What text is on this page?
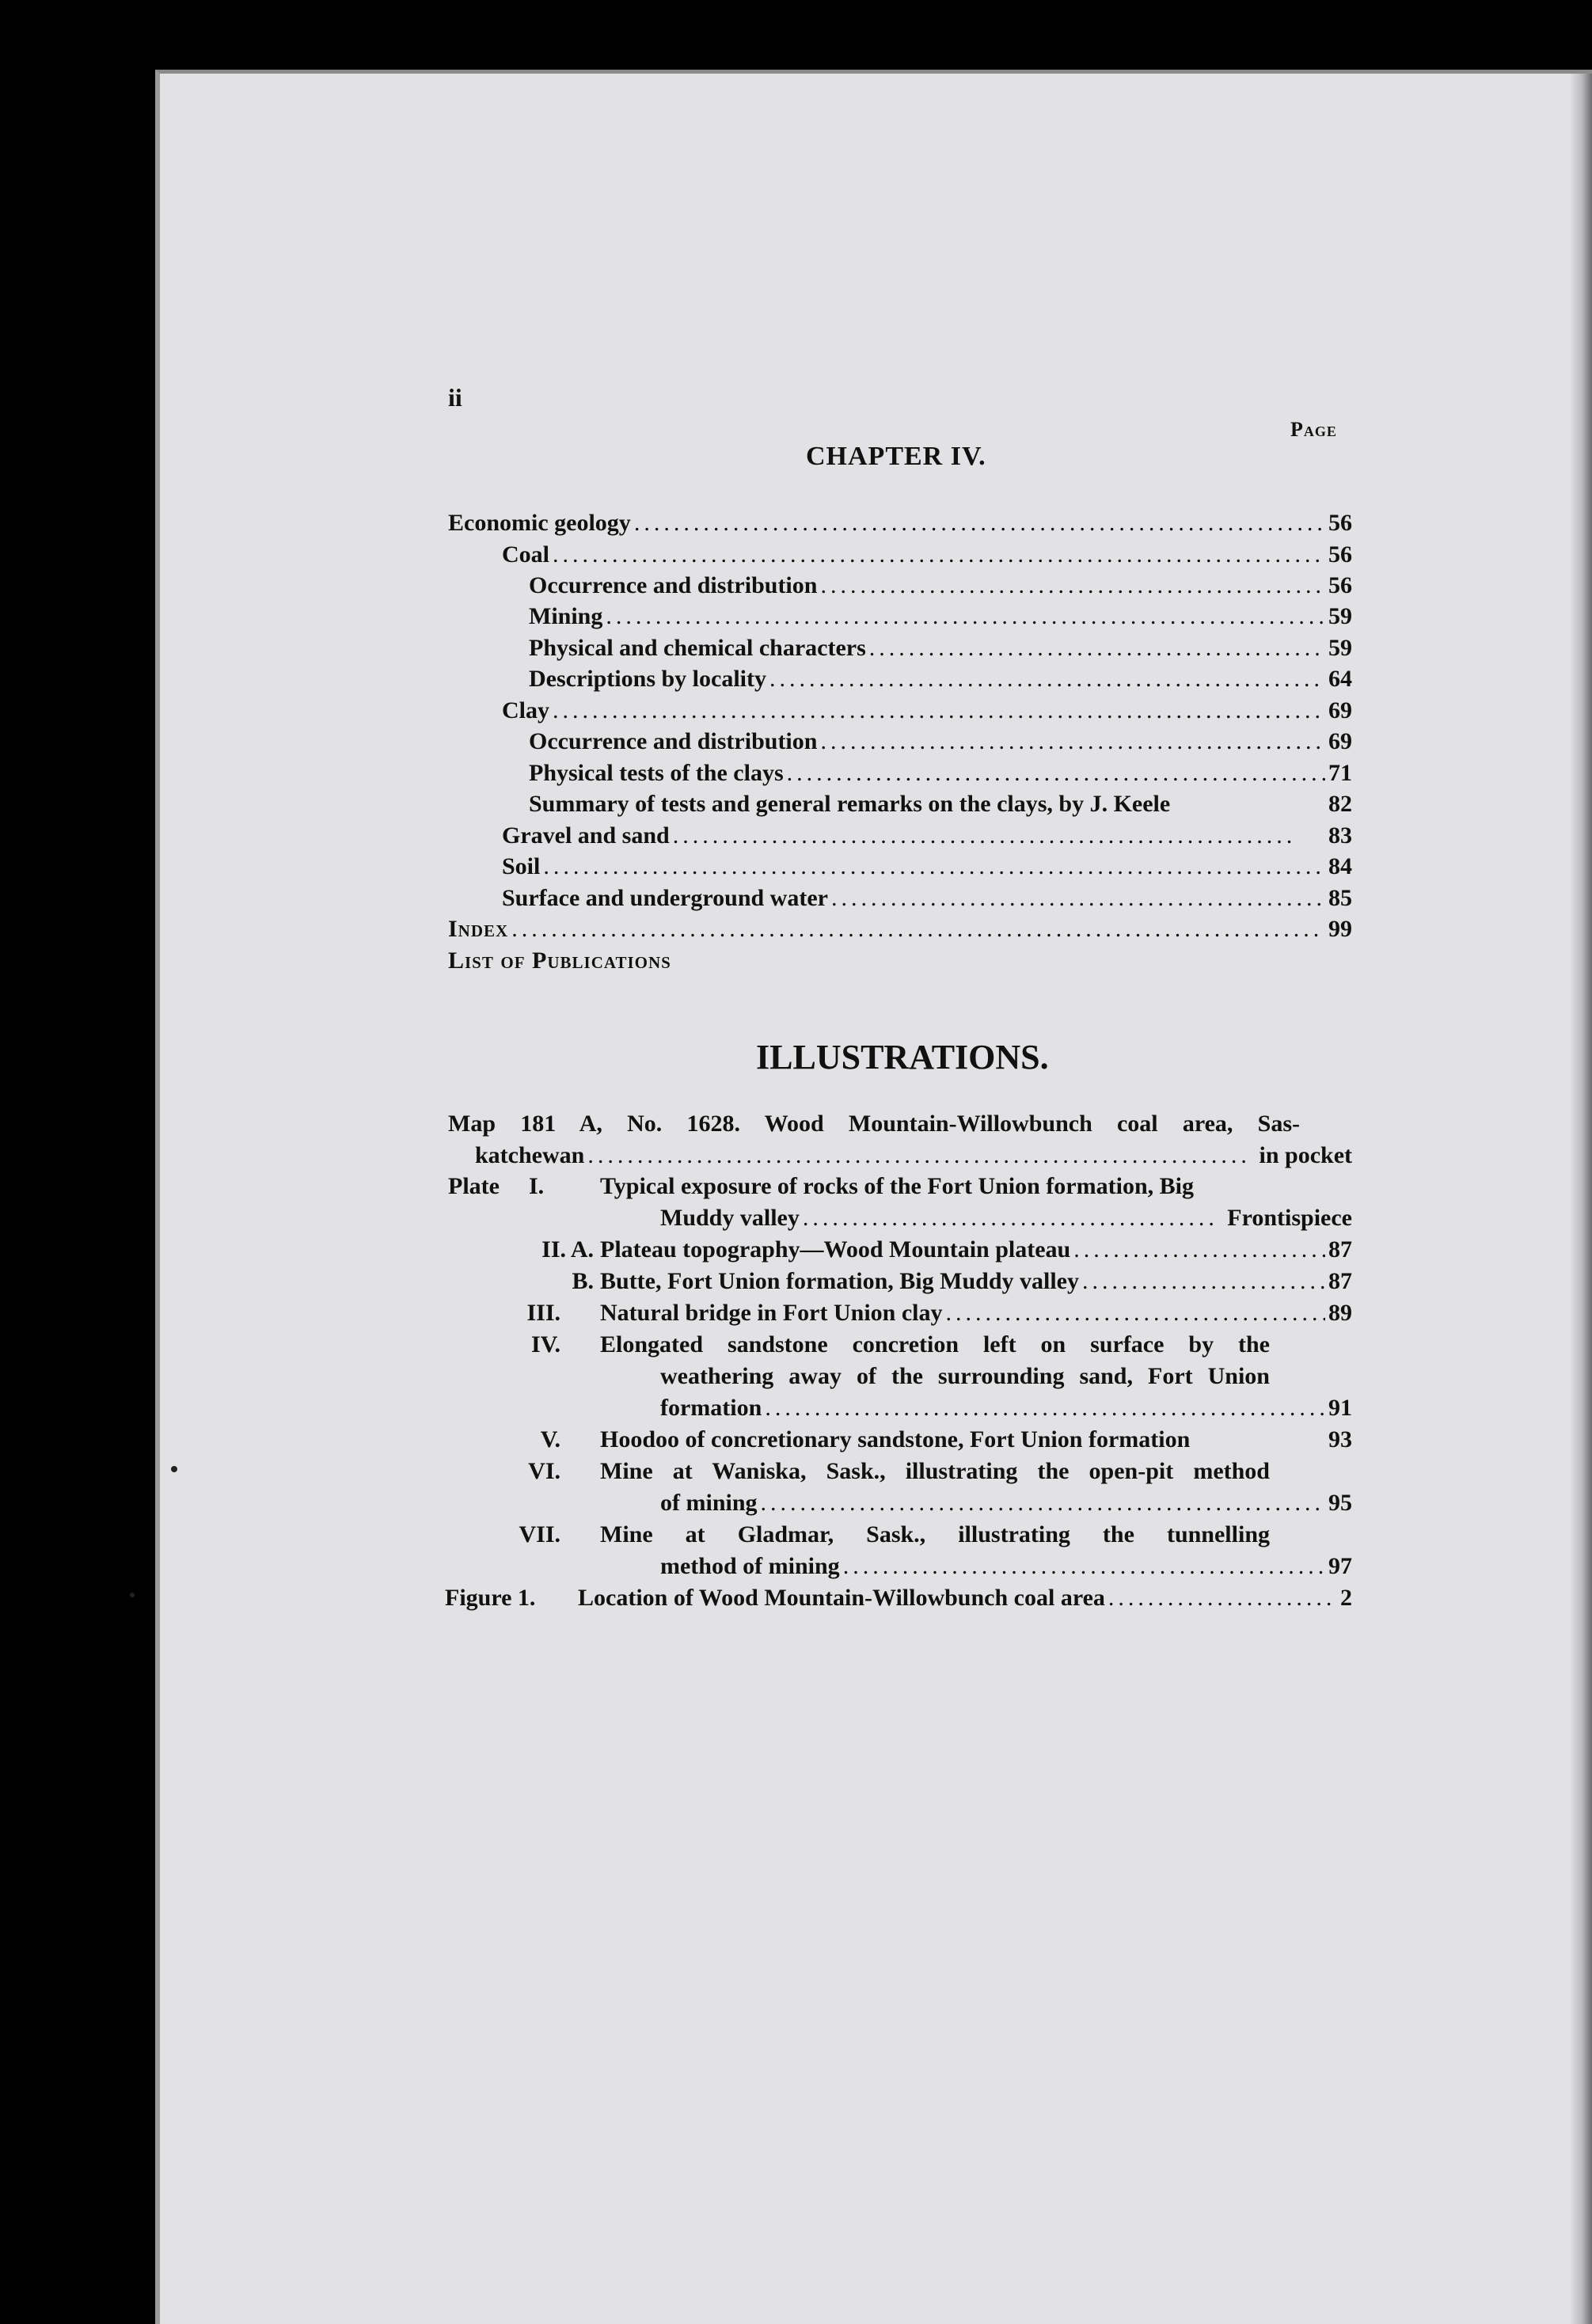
ii
Page
CHAPTER IV.
Economic geology .....	56
Coal .....	56
Occurrence and distribution .....	56
Mining .....	59
Physical and chemical characters .....	59
Descriptions by locality .....	64
Clay .....	69
Occurrence and distribution .....	69
Physical tests of the clays .....	71
Summary of tests and general remarks on the clays, by J. Keele	82
Gravel and sand .....	83
Soil .....	84
Surface and underground water .....	85
Index .....	99
List of Publications
ILLUSTRATIONS.
Map 181 A, No. 1628. Wood Mountain-Willowbunch coal area, Sas-
katchewan .....	in pocket
Plate I. Typical exposure of rocks of the Fort Union formation, Big
Muddy valley .....	Frontispiece
II. A. Plateau topography—Wood Mountain plateau .....	87
B. Butte, Fort Union formation, Big Muddy valley .....	87
III. Natural bridge in Fort Union clay .....	89
IV. Elongated sandstone concretion left on surface by the
weathering away of the surrounding sand, Fort Union
formation .....	91
V. Hoodoo of concretionary sandstone, Fort Union formation	93
VI. Mine at Waniska, Sask., illustrating the open-pit method
of mining .....	95
VII. Mine at Gladmar, Sask., illustrating the tunnelling
method of mining .....	97
Figure 1. Location of Wood Mountain-Willowbunch coal area .....	2
